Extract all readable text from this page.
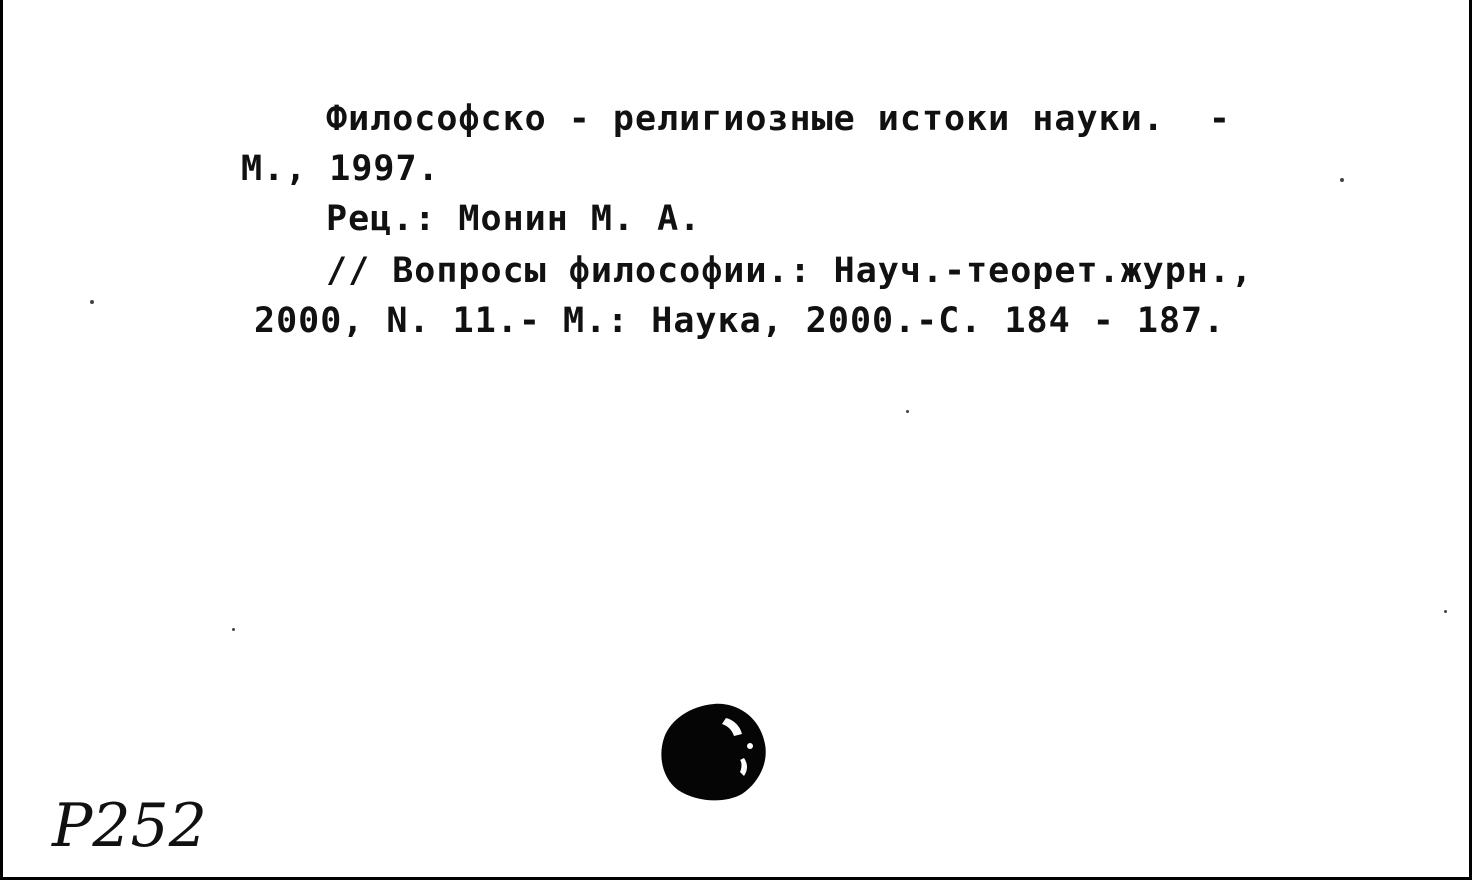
Философско - религиозные истоки науки.  -
М., 1997.
Рец.: Монин М. А.
// Вопросы философии.: Науч.-теорет.журн.,
2000, N. 11.- М.: Наука, 2000.-С. 184 - 187.
Р252
